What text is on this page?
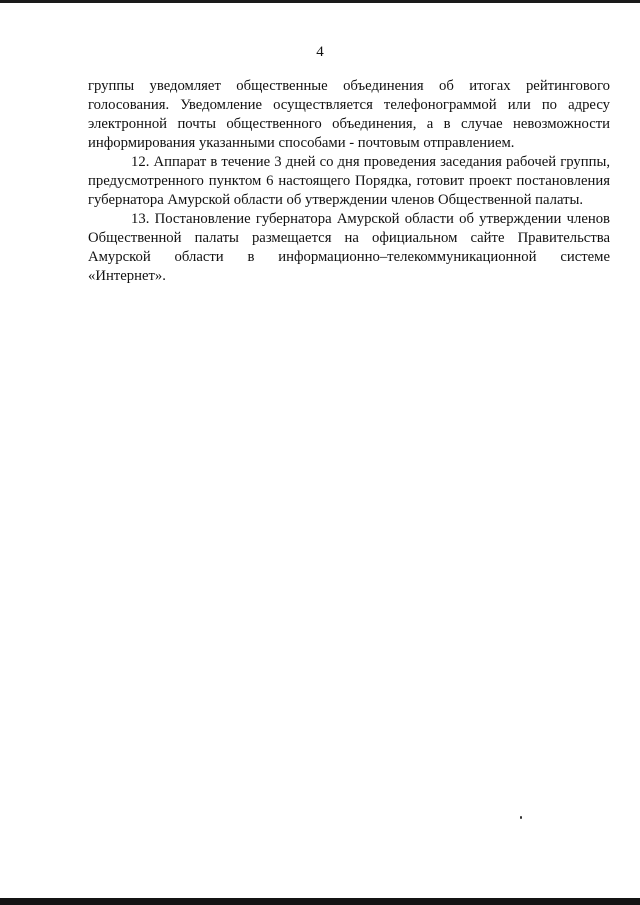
4

группы уведомляет общественные объединения об итогах рейтингового голосования. Уведомление осуществляется телефонограммой или по адресу электронной почты общественного объединения, а в случае невозможности информирования указанными способами - почтовым отправлением.

12. Аппарат в течение 3 дней со дня проведения заседания рабочей группы, предусмотренного пунктом 6 настоящего Порядка, готовит проект постановления губернатора Амурской области об утверждении членов Общественной палаты.

13. Постановление губернатора Амурской области об утверждении членов Общественной палаты размещается на официальном сайте Правительства Амурской области в информационно–телекоммуникационной системе «Интернет».
